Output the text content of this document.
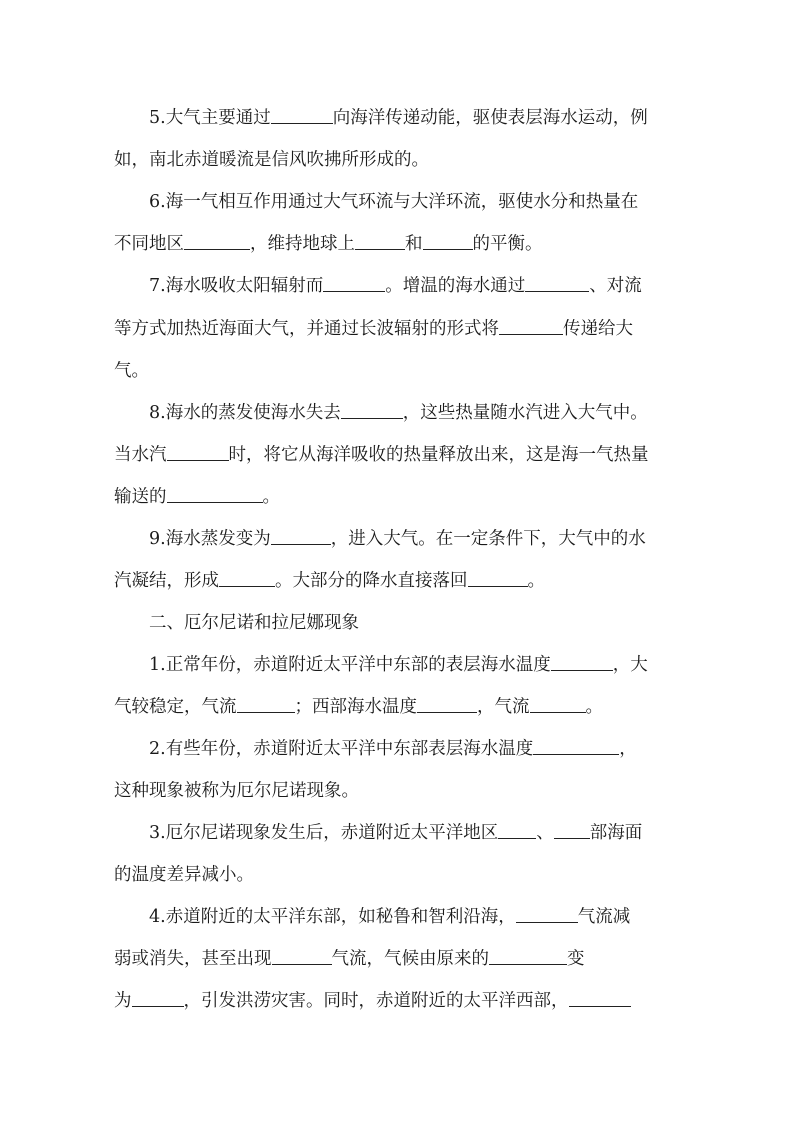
5.大气主要通过	向海洋传递动能，驱使表层海水运动，例
如，南北赤道暖流是信风吹拂所形成的。
6.海一气相互作用通过大气环流与大洋环流，驱使水分和热量在
不同地区	，维持地球上	和	的平衡。
7.海水吸收太阳辐射而	。增温的海水通过	、对流
等方式加热近海面大气，并通过长波辐射的形式将	传递给大
气。
8.海水的蒸发使海水失去	，这些热量随水汽进入大气中。
当水汽	时，将它从海洋吸收的热量释放出来，这是海一气热量
输送的	。
9.海水蒸发变为	，进入大气。在一定条件下，大气中的水
汽凝结，形成	。大部分的降水直接落回	。
二、厄尔尼诺和拉尼娜现象
1.正常年份，赤道附近太平洋中东部的表层海水温度	，大
气较稳定，气流	；西部海水温度	，气流	。
2.有些年份，赤道附近太平洋中东部表层海水温度	，
这种现象被称为厄尔尼诺现象。
3.厄尔尼诺现象发生后，赤道附近太平洋地区 、 部海面
的温度差异减小。
4.赤道附近的太平洋东部，如秘鲁和智利沿海，	气流减
弱或消失，甚至出现	气流，气候由原来的	变
为	，引发洪涝灾害。同时，赤道附近的太平洋西部，
